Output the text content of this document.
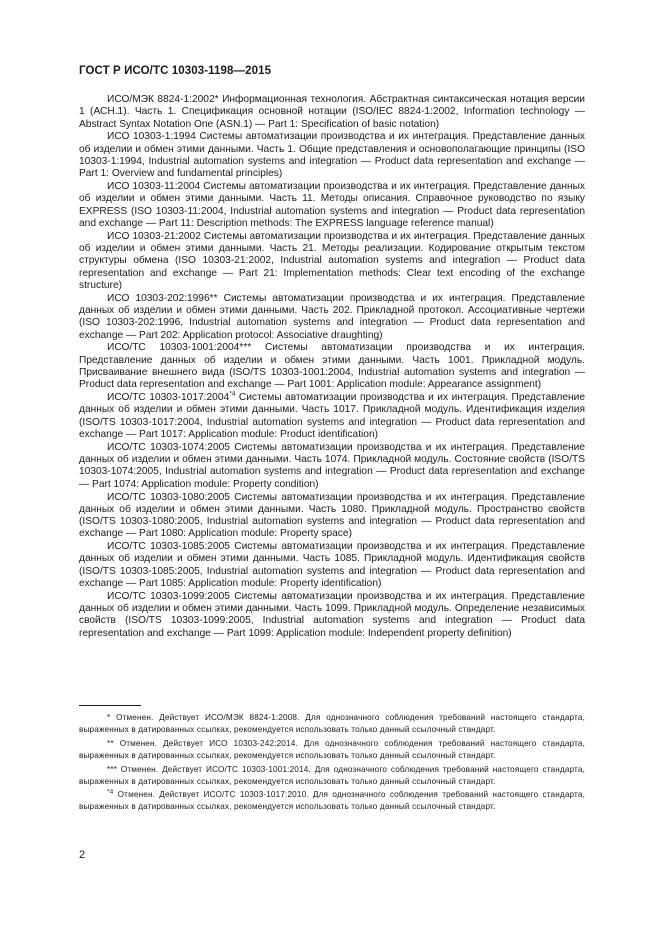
ГОСТ Р ИСО/ТС 10303-1198—2015

ИСО/МЭК 8824-1:2002* Информационная технология. Абстрактная синтаксическая нотация версии 1 (АСН.1). Часть 1. Спецификация основной нотации (ISO/IEC 8824-1:2002, Information technology — Abstract Syntax Notation One (ASN.1) — Part 1: Specification of basic notation)

ИСО 10303-1:1994 Системы автоматизации производства и их интеграция. Представление данных об изделии и обмен этими данными. Часть 1. Общие представления и основополагающие принципы (ISO 10303-1:1994, Industrial automation systems and integration — Product data representation and exchange — Part 1: Overview and fundamental principles)

ИСО 10303-11:2004 Системы автоматизации производства и их интеграция. Представление данных об изделии и обмен этими данными. Часть 11. Методы описания. Справочное руководство по языку EXPRESS (ISO 10303-11:2004, Industrial automation systems and integration — Product data representation and exchange — Part 11: Description methods: The EXPRESS language reference manual)

ИСО 10303-21:2002 Системы автоматизации производства и их интеграция. Представление данных об изделии и обмен этими данными. Часть 21. Методы реализации. Кодирование открытым текстом структуры обмена (ISO 10303-21:2002, Industrial automation systems and integration — Product data representation and exchange — Part 21: Implementation methods: Clear text encoding of the exchange structure)

ИСО 10303-202:1996** Системы автоматизации производства и их интеграция. Представление данных об изделии и обмен этими данными. Часть 202. Прикладной протокол. Ассоциативные чертежи (ISO 10303-202:1996, Industrial automation systems and integration — Product data representation and exchange — Part 202: Application protocol: Associative draughting)

ИСО/ТС 10303-1001:2004*** Системы автоматизации производства и их интеграция. Представление данных об изделии и обмен этими данными. Часть 1001. Прикладной модуль. Присваивание внешнего вида (ISO/TS 10303-1001:2004, Industrial automation systems and integration — Product data representation and exchange — Part 1001: Application module: Appearance assignment)

ИСО/ТС 10303-1017:2004$^{*4}$ Системы автоматизации производства и их интеграция. Представление данных об изделии и обмен этими данными. Часть 1017. Прикладной модуль. Идентификация изделия (ISO/TS 10303-1017:2004, Industrial automation systems and integration — Product data representation and exchange — Part 1017: Application module: Product identification)

ИСО/ТС 10303-1074:2005 Системы автоматизации производства и их интеграция. Представление данных об изделии и обмен этими данными. Часть 1074. Прикладной модуль. Состояние свойств (ISO/TS 10303-1074:2005, Industrial automation systems and integration — Product data representation and exchange — Part 1074: Application module: Property condition)

ИСО/ТС 10303-1080:2005 Системы автоматизации производства и их интеграция. Представление данных об изделии и обмен этими данными. Часть 1080. Прикладной модуль. Пространство свойств (ISO/TS 10303-1080:2005, Industrial automation systems and integration — Product data representation and exchange — Part 1080: Application module: Property space)

ИСО/ТС 10303-1085:2005 Системы автоматизации производства и их интеграция. Представление данных об изделии и обмен этими данными. Часть 1085. Прикладной модуль. Идентификация свойств (ISO/TS 10303-1085:2005, Industrial automation systems and integration — Product data representation and exchange — Part 1085: Application module: Property identification)

ИСО/ТС 10303-1099:2005 Системы автоматизации производства и их интеграция. Представление данных об изделии и обмен этими данными. Часть 1099. Прикладной модуль. Определение независимых свойств (ISO/TS 10303-1099:2005, Industrial automation systems and integration — Product data representation and exchange — Part 1099: Application module: Independent property definition)

* Отменен. Действует ИСО/МЭК 8824-1:2008. Для однозначного соблюдения требований настоящего стандарта, выраженных в датированных ссылках, рекомендуется использовать только данный ссылочный стандарт.

** Отменен. Действует ИСО 10303-242:2014. Для однозначного соблюдения требований настоящего стандарта, выраженных в датированных ссылках, рекомендуется использовать только данный ссылочный стандарт.

*** Отменен. Действует ИСО/ТС 10303-1001:2014. Для однозначного соблюдения требований настоящего стандарта, выраженных в датированных ссылках, рекомендуется использовать только данный ссылочный стандарт.

$^{*4}$ Отменен. Действует ИСО/ТС 10303-1017:2010. Для однозначного соблюдения требований настоящего стандарта, выраженных в датированных ссылках, рекомендуется использовать только данный ссылочный стандарт.

2
